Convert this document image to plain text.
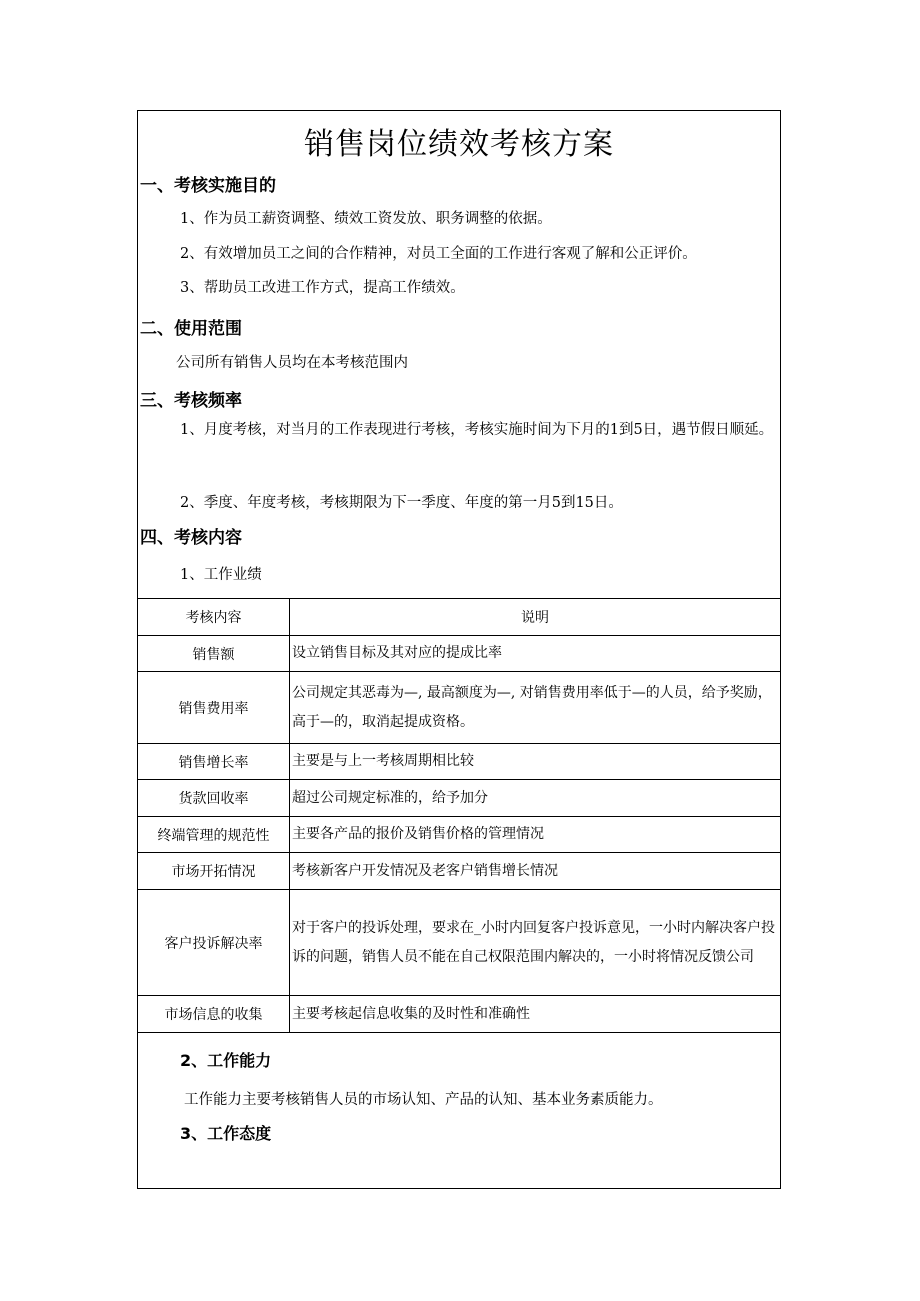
销售岗位绩效考核方案
一、考核实施目的
1、作为员工薪资调整、绩效工资发放、职务调整的依据。
2、有效增加员工之间的合作精神，对员工全面的工作进行客观了解和公正评价。
3、帮助员工改进工作方式，提高工作绩效。
二、使用范围
公司所有销售人员均在本考核范围内
三、考核频率
1、月度考核，对当月的工作表现进行考核，考核实施时间为下月的1到5日，遇节假日顺延。
2、季度、年度考核，考核期限为下一季度、年度的第一月5到15日。
四、考核内容
1、工作业绩
考核内容	说明
销售额	设立销售目标及其对应的提成比率
销售费用率	公司规定其恶毒为—, 最高额度为—, 对销售费用率低于—的人员，给予奖励，高于—的，取消起提成资格。
销售增长率	主要是与上一考核周期相比较
货款回收率	超过公司规定标准的，给予加分
终端管理的规范性	主要各产品的报价及销售价格的管理情况
市场开拓情况	考核新客户开发情况及老客户销售增长情况
客户投诉解决率	对于客户的投诉处理，要求在_小时内回复客户投诉意见，一小时内解决客户投诉的问题，销售人员不能在自己权限范围内解决的，一小时将情况反馈公司
市场信息的收集	主要考核起信息收集的及时性和准确性
2、工作能力
工作能力主要考核销售人员的市场认知、产品的认知、基本业务素质能力。
3、工作态度
